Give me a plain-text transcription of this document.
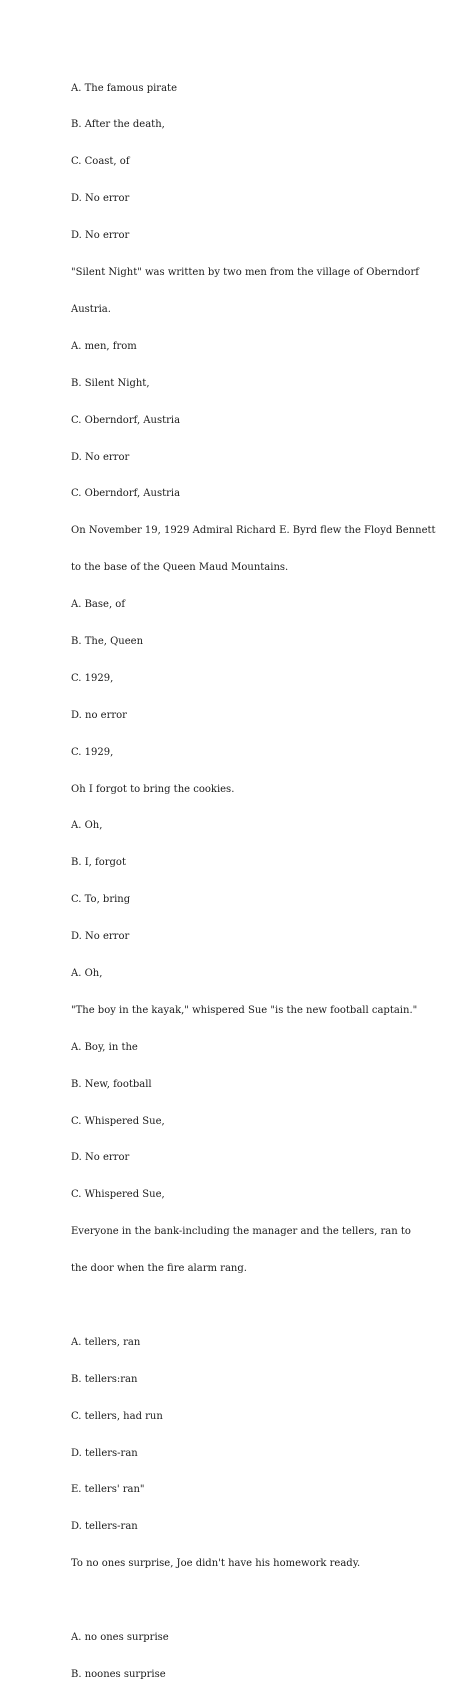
A. The famous pirate

B. After the death,

C. Coast, of

D. No error

D. No error

"Silent Night" was written by two men from the village of Oberndorf

Austria.

A. men, from

B. Silent Night,

C. Oberndorf, Austria

D. No error

C. Oberndorf, Austria

On November 19, 1929 Admiral Richard E. Byrd flew the Floyd Bennett

to the base of the Queen Maud Mountains.

A. Base, of

B. The, Queen

C. 1929,

D. no error

C. 1929,

Oh I forgot to bring the cookies.

A. Oh,

B. I, forgot

C. To, bring

D. No error

A. Oh,

"The boy in the kayak," whispered Sue "is the new football captain."

A. Boy, in the

B. New, football

C. Whispered Sue,

D. No error

C. Whispered Sue,

Everyone in the bank-including the manager and the tellers, ran to

the door when the fire alarm rang.

A. tellers, ran

B. tellers:ran

C. tellers, had run

D. tellers-ran

E. tellers' ran"

D. tellers-ran

To no ones surprise, Joe didn't have his homework ready.

A. no ones surprise

B. noones surprise
